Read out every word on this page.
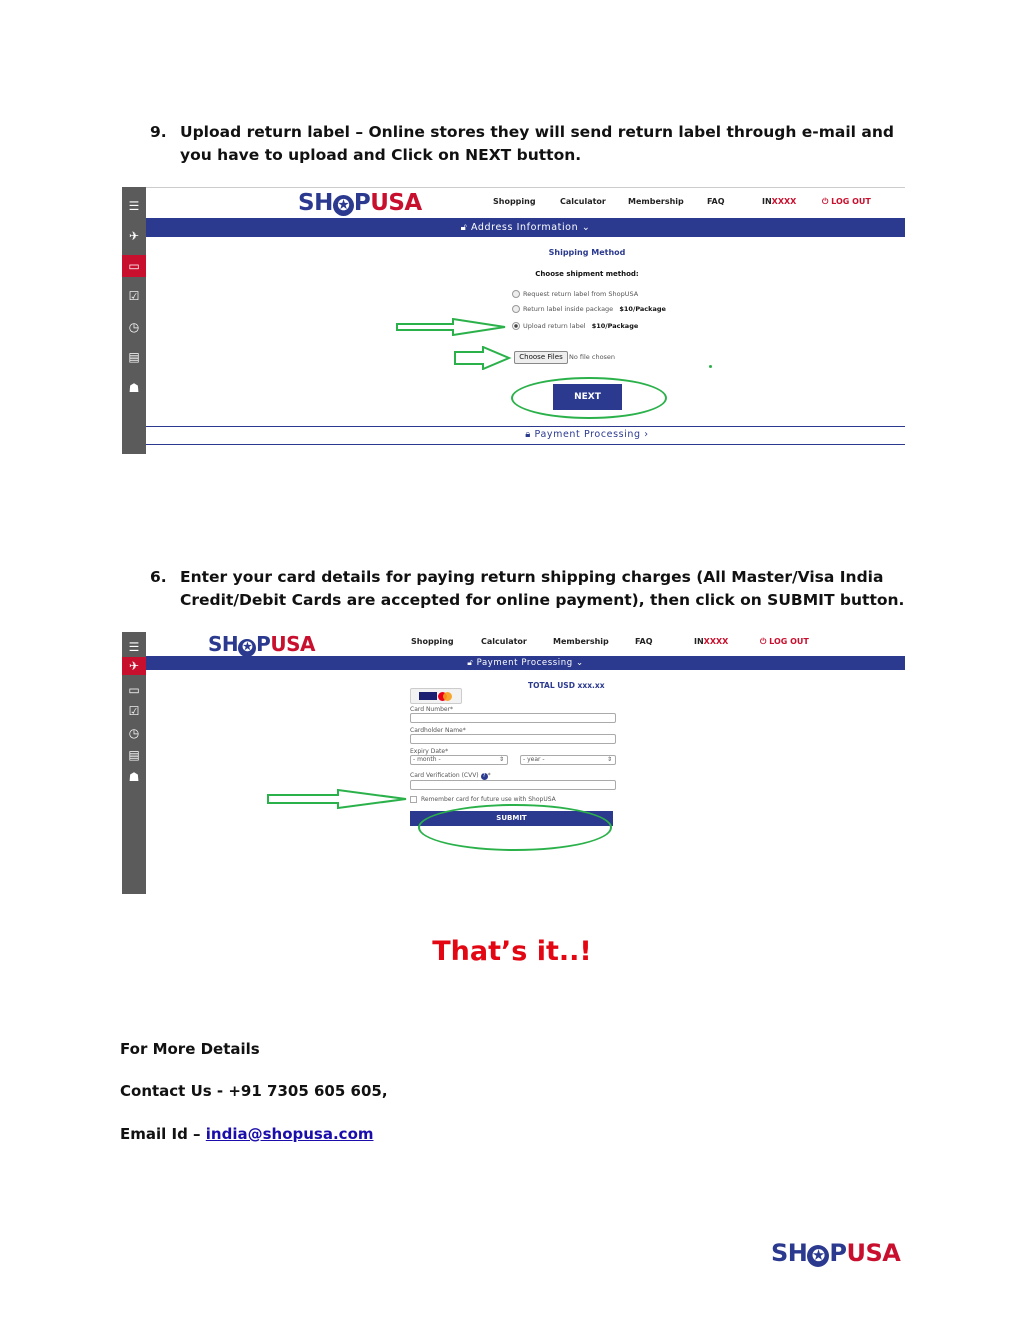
9. Upload return label – Online stores they will send return label through e-mail and you have to upload and Click on NEXT button.
☰
✈
▭
☑
◷
▤
☗
SH ✪ PUSA	Shopping	Calculator	Membership	FAQ	INXXXX	⏻ LOG OUT
🔓︎ Address Information ⌄
Shipping Method
Choose shipment method:
Request return label from ShopUSA
Return label inside package $10/Package
Upload return label $10/Package
Choose Files No file chosen
NEXT
🔒︎ Payment Processing ›
6. Enter your card details for paying return shipping charges (All Master/Visa India Credit/Debit Cards are accepted for online payment), then click on SUBMIT button.
☰
✈
▭
☑
◷
▤
☗
SH ✪ PUSA	Shopping	Calculator	Membership	FAQ	INXXXX	⏻ LOG OUT
🔓︎ Payment Processing ⌄
TOTAL USD xxx.xx
Card Number*
Cardholder Name*
Expiry Date*
- month -	⇕	- year -	⇕
Card Verification (CVV) ? *
Remember card for future use with ShopUSA
SUBMIT
That’s it..!
For More Details
Contact Us - +91 7305 605 605,
Email Id – india@shopusa.com
SH ✪ PUSA
